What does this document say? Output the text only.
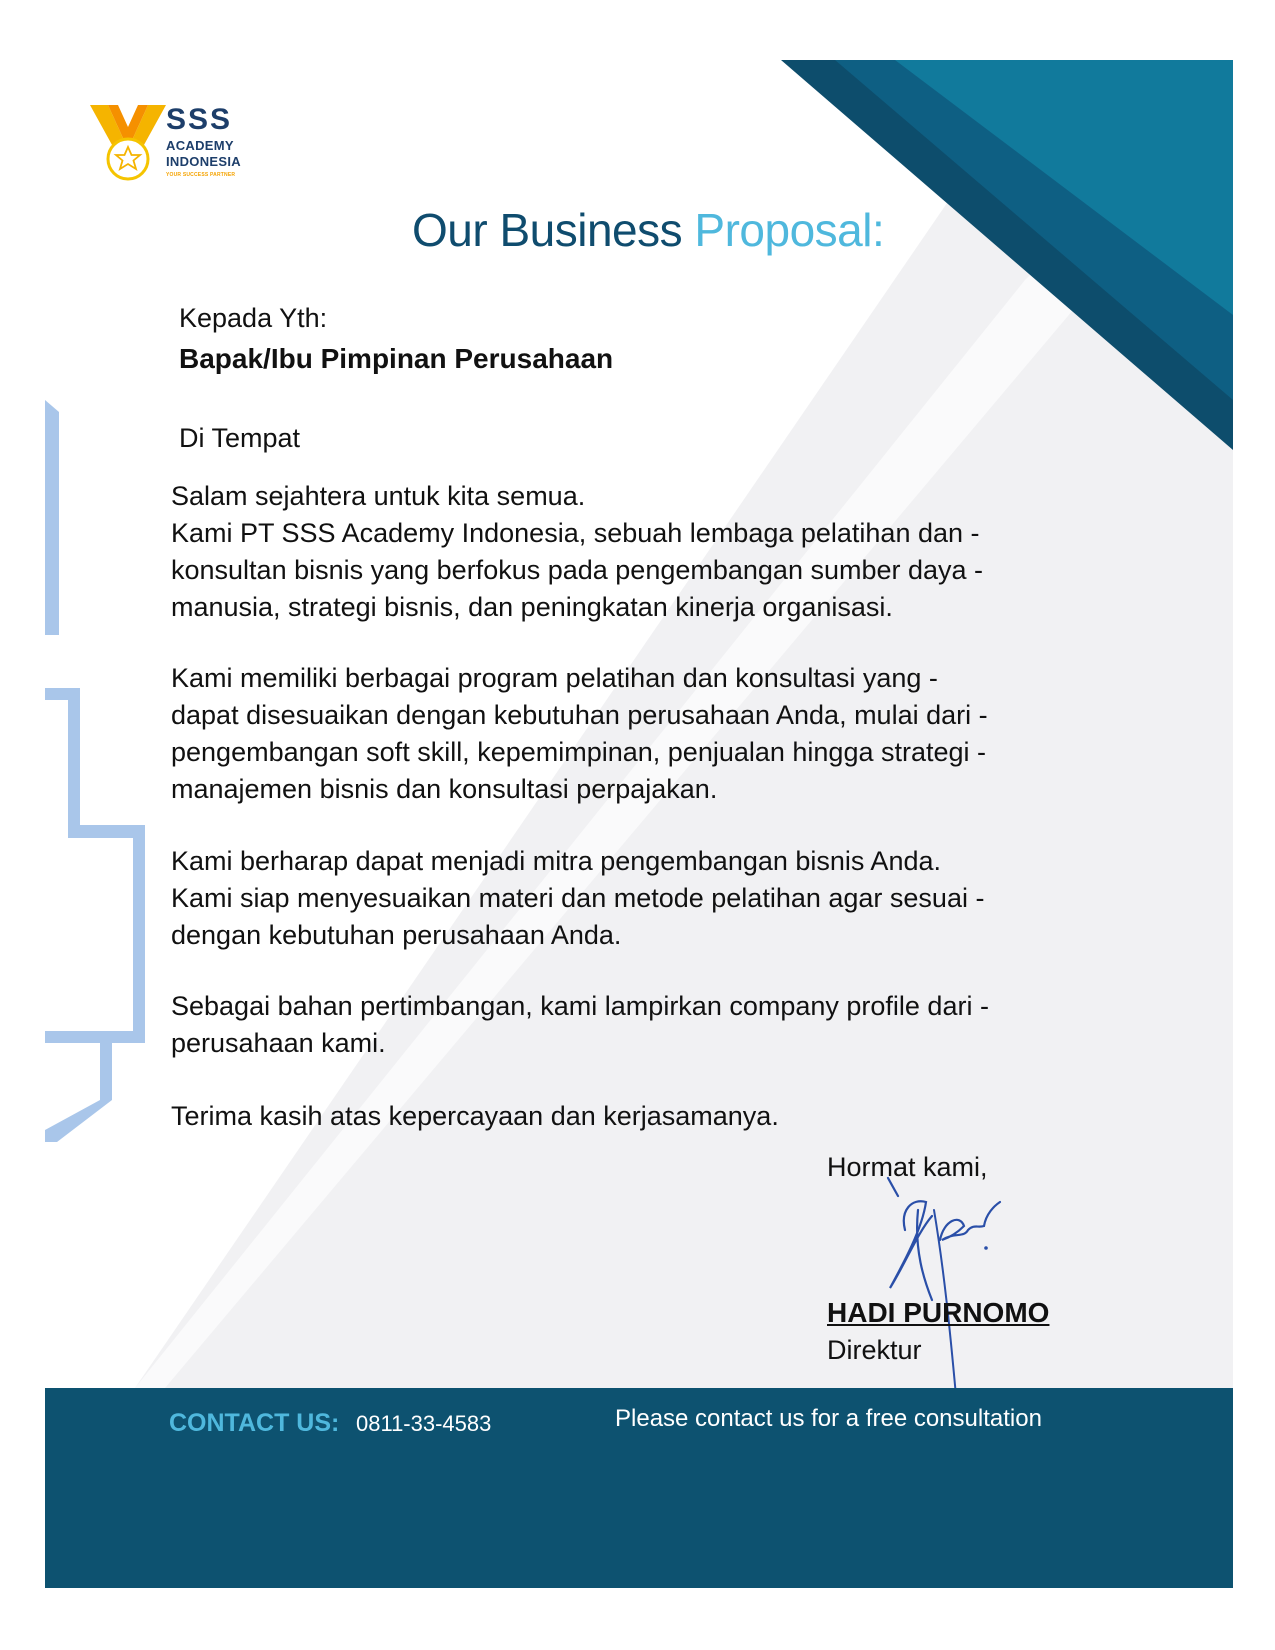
SSS
ACADEMY
INDONESIA
YOUR SUCCESS PARTNER
Our Business Proposal:

Kepada Yth:

Bapak/Ibu Pimpinan Perusahaan

Di Tempat

Salam sejahtera untuk kita semua.
Kami PT SSS Academy Indonesia, sebuah lembaga pelatihan dan -
konsultan bisnis yang berfokus pada pengembangan sumber daya -
manusia, strategi bisnis, dan peningkatan kinerja organisasi.
Kami memiliki berbagai program pelatihan dan konsultasi yang -
dapat disesuaikan dengan kebutuhan perusahaan Anda, mulai dari -
pengembangan soft skill, kepemimpinan, penjualan hingga strategi -
manajemen bisnis dan konsultasi perpajakan.
Kami berharap dapat menjadi mitra pengembangan bisnis Anda.
Kami siap menyesuaikan materi dan metode pelatihan agar sesuai -
dengan kebutuhan perusahaan Anda.
Sebagai bahan pertimbangan, kami lampirkan company profile dari -
perusahaan kami.
Terima kasih atas kepercayaan dan kerjasamanya.

Hormat kami,

HADI PURNOMO

Direktur

CONTACT US: 0811-33-4583	Please contact us for a free consultation
